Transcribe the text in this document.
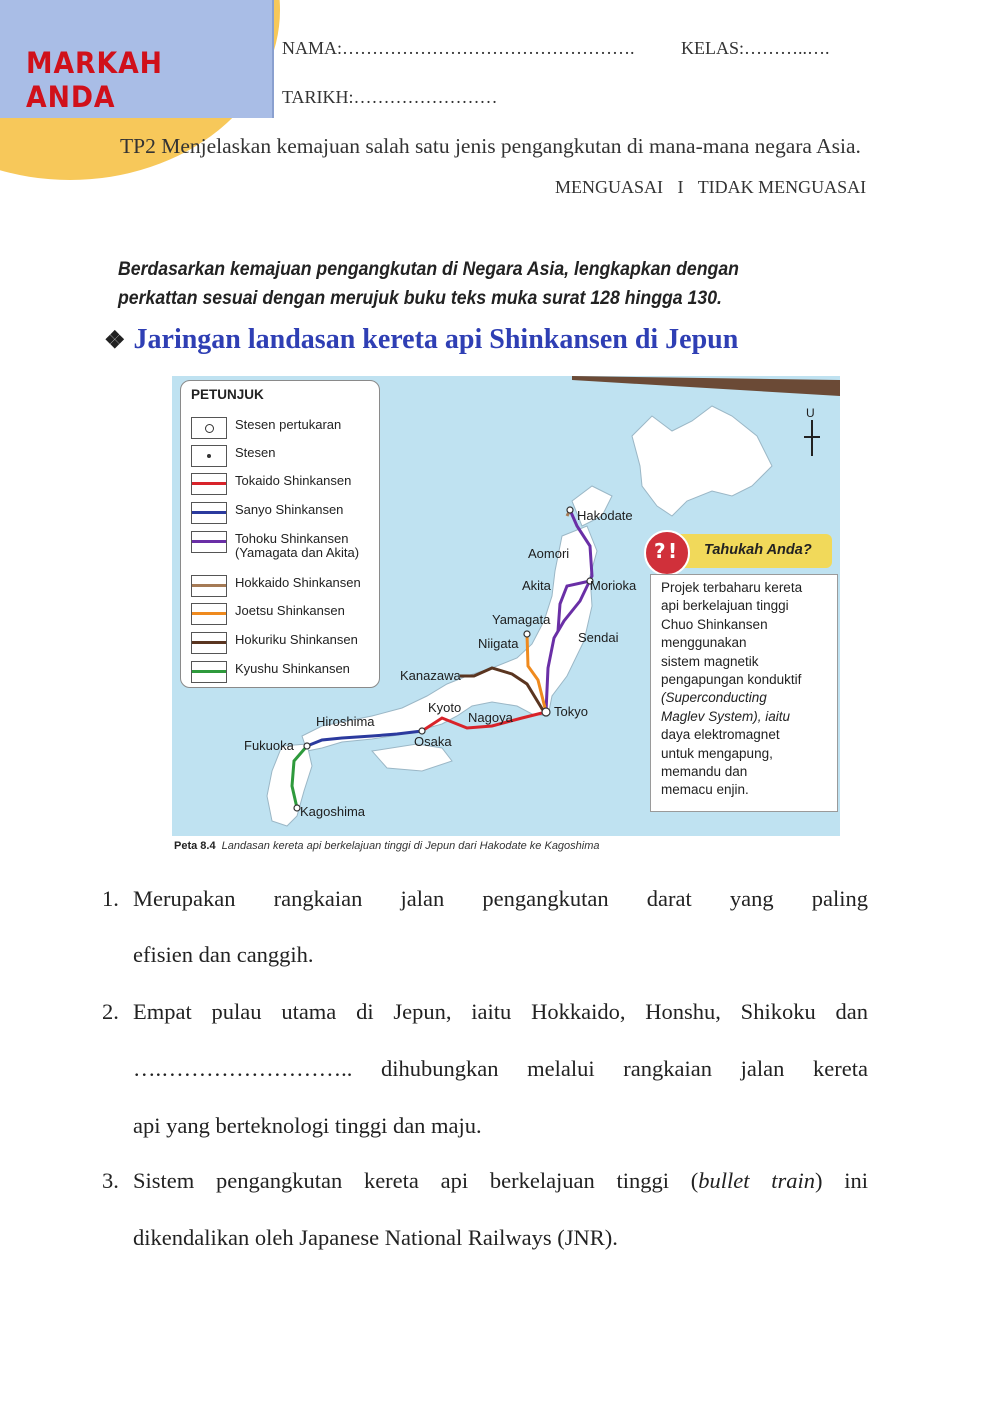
MARKAH ANDA
NAMA:………………………………………….	KELAS:………..….
TARIKH:……………………
TP2 Menjelaskan kemajuan salah satu jenis pengangkutan di mana-mana negara Asia.
MENGUASAI I TIDAK MENGUASAI
Berdasarkan kemajuan pengangkutan di Negara Asia, lengkapkan dengan
perkattan sesuai dengan merujuk buku teks muka surat 128 hingga 130.
❖ Jaringan landasan kereta api Shinkansen di Jepun
PETUNJUK
Stesen pertukaran
Stesen
Tokaido Shinkansen
Sanyo Shinkansen
Tohoku Shinkansen
(Yamagata dan Akita)
Hokkaido Shinkansen
Joetsu Shinkansen
Hokuriku Shinkansen
Kyushu Shinkansen
Hakodate
Aomori
Akita	Morioka
Yamagata
Sendai
Niigata
Kanazawa
Kyoto
Nagoya	Tokyo
Osaka
Hiroshima
Fukuoka
Kagoshima
U
? ! Tahukah Anda?
Projek terbaharu kereta
api berkelajuan tinggi
Chuo Shinkansen
menggunakan
sistem magnetik
pengapungan konduktif
(Superconducting
Maglev System), iaitu
daya elektromagnet
untuk mengapung,
memandu dan
memacu enjin.
Peta 8.4 Landasan kereta api berkelajuan tinggi di Jepun dari Hakodate ke Kagoshima
1. Merupakan rangkaian jalan pengangkutan darat yang paling
efisien dan canggih.
2. Empat pulau utama di Jepun, iaitu Hokkaido, Honshu, Shikoku dan
….…………………….. dihubungkan melalui rangkaian jalan kereta
api yang berteknologi tinggi dan maju.
3. Sistem pengangkutan kereta api berkelajuan tinggi (bullet train) ini
dikendalikan oleh Japanese National Railways (JNR).
